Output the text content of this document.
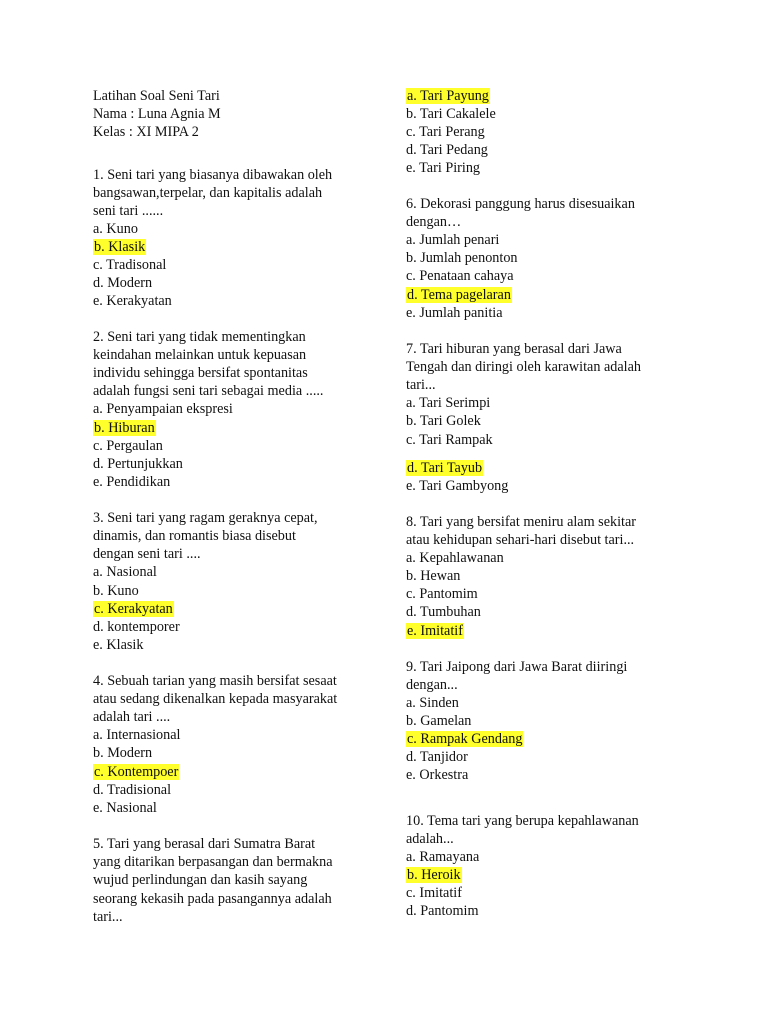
Latihan Soal Seni Tari
Nama : Luna Agnia M
Kelas : XI MIPA 2
1. Seni tari yang biasanya dibawakan oleh
bangsawan,terpelar, dan kapitalis adalah
seni tari ......
a. Kuno
b. Klasik
c. Tradisonal
d. Modern
e. Kerakyatan
2. Seni tari yang tidak mementingkan
keindahan melainkan untuk kepuasan
individu sehingga bersifat spontanitas
adalah fungsi seni tari sebagai media .....
a. Penyampaian ekspresi
b. Hiburan
c. Pergaulan
d. Pertunjukkan
e. Pendidikan
3. Seni tari yang ragam geraknya cepat,
dinamis, dan romantis biasa disebut
dengan seni tari ....
a. Nasional
b. Kuno
c. Kerakyatan
d. kontemporer
e. Klasik
4. Sebuah tarian yang masih bersifat sesaat
atau sedang dikenalkan kepada masyarakat
adalah tari ....
a. Internasional
b. Modern
c. Kontempoer
d. Tradisional
e. Nasional
5. Tari yang berasal dari Sumatra Barat
yang ditarikan berpasangan dan bermakna
wujud perlindungan dan kasih sayang
seorang kekasih pada pasangannya adalah
tari...
a. Tari Payung
b. Tari Cakalele
c. Tari Perang
d. Tari Pedang
e. Tari Piring
6. Dekorasi panggung harus disesuaikan
dengan…
a. Jumlah penari
b. Jumlah penonton
c. Penataan cahaya
d. Tema pagelaran
e. Jumlah panitia
7. Tari hiburan yang berasal dari Jawa
Tengah dan diringi oleh karawitan adalah
tari...
a. Tari Serimpi
b. Tari Golek
c. Tari Rampak
d. Tari Tayub
e. Tari Gambyong
8. Tari yang bersifat meniru alam sekitar
atau kehidupan sehari-hari disebut tari...
a. Kepahlawanan
b. Hewan
c. Pantomim
d. Tumbuhan
e. Imitatif
9. Tari Jaipong dari Jawa Barat diiringi
dengan...
a. Sinden
b. Gamelan
c. Rampak Gendang
d. Tanjidor
e. Orkestra
10. Tema tari yang berupa kepahlawanan
adalah...
a. Ramayana
b. Heroik
c. Imitatif
d. Pantomim
